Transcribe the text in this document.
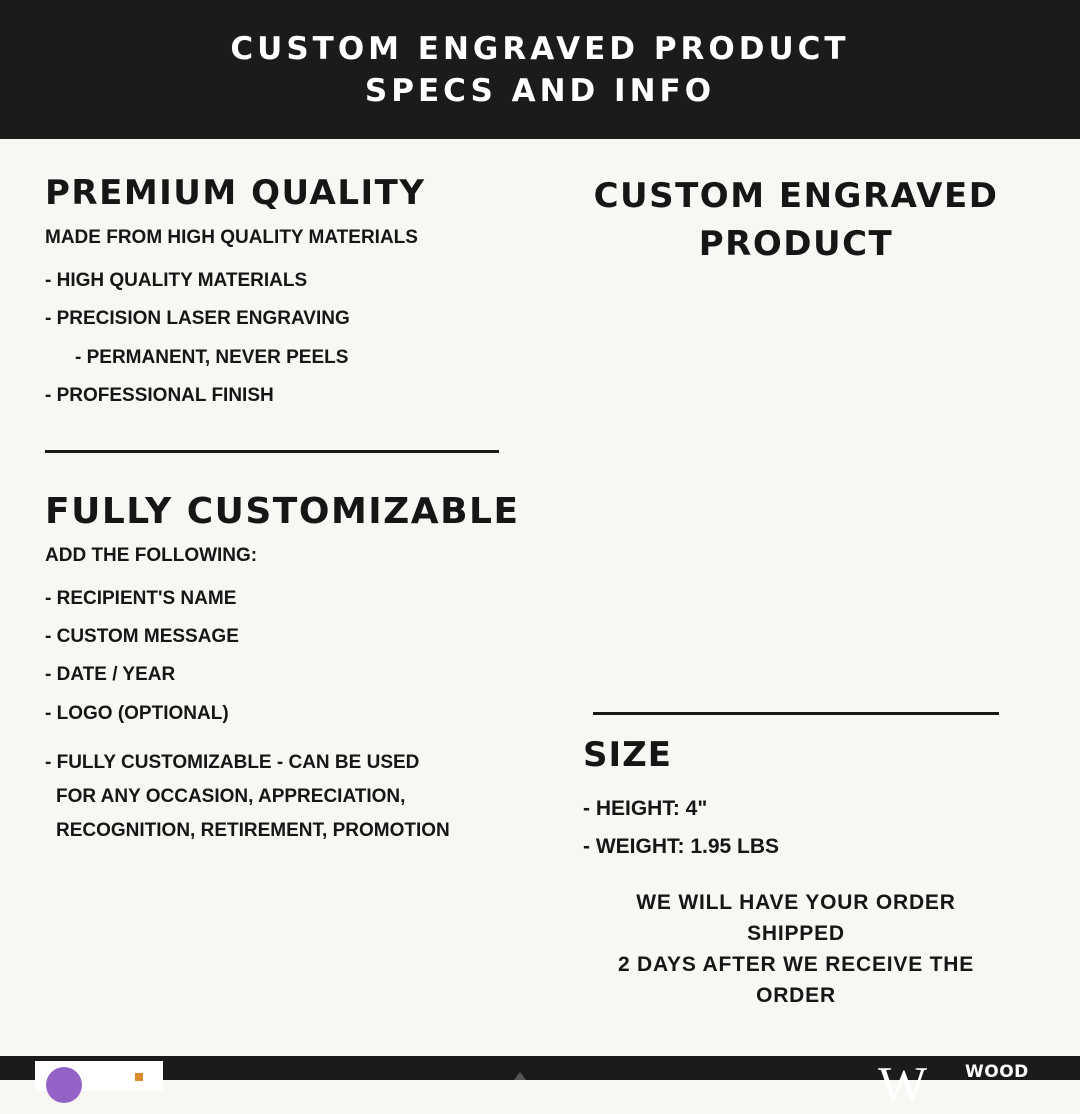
CUSTOM ENGRAVED PRODUCT
SPECS AND INFO
PREMIUM QUALITY
MADE FROM HIGH QUALITY MATERIALS
- HIGH QUALITY MATERIALS
- PRECISION LASER ENGRAVING
- PERMANENT, NEVER PEELS
- PROFESSIONAL FINISH
FULLY CUSTOMIZABLE
ADD THE FOLLOWING:
- RECIPIENT'S NAME
- CUSTOM MESSAGE
- DATE / YEAR
- LOGO (OPTIONAL)
- FULLY CUSTOMIZABLE - CAN BE USED
FOR ANY OCCASION, APPRECIATION,
RECOGNITION, RETIREMENT, PROMOTION
CUSTOM ENGRAVED
PRODUCT
SIZE
- HEIGHT: 4"
- WEIGHT: 1.95 LBS
WE WILL HAVE YOUR ORDER
SHIPPED
2 DAYS AFTER WE RECEIVE THE
ORDER
W WOOD
